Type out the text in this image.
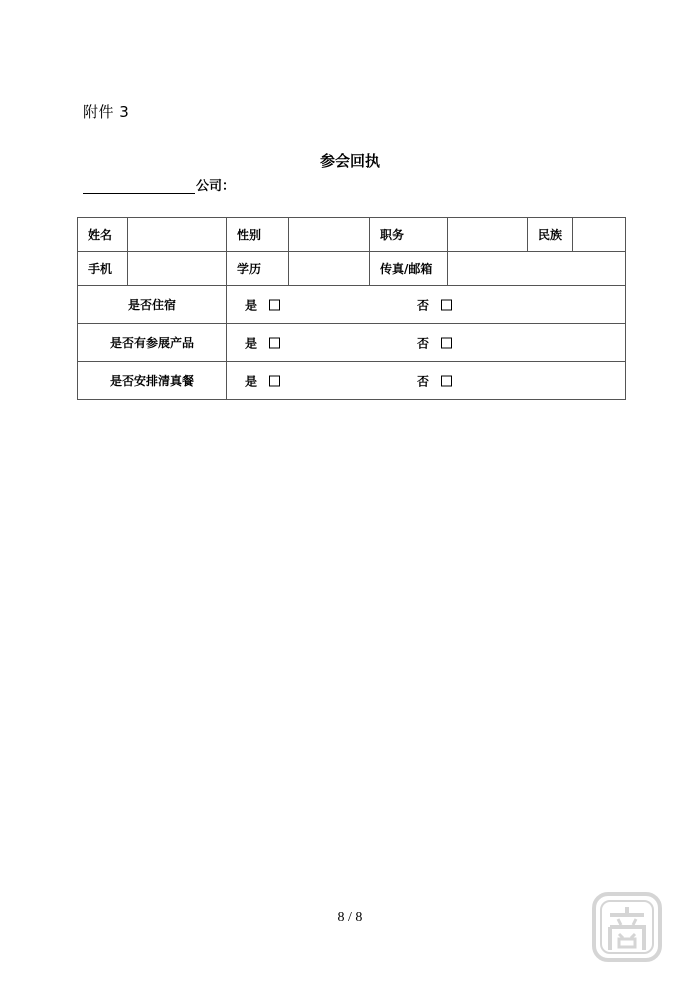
附件 3
参会回执
公司：
姓名		性别		职务		民族	
手机		学历		传真/邮箱			
是否住宿		是 否					

是否有参展产品		是 否					

是否安排清真餐		是 否					
8 / 8
